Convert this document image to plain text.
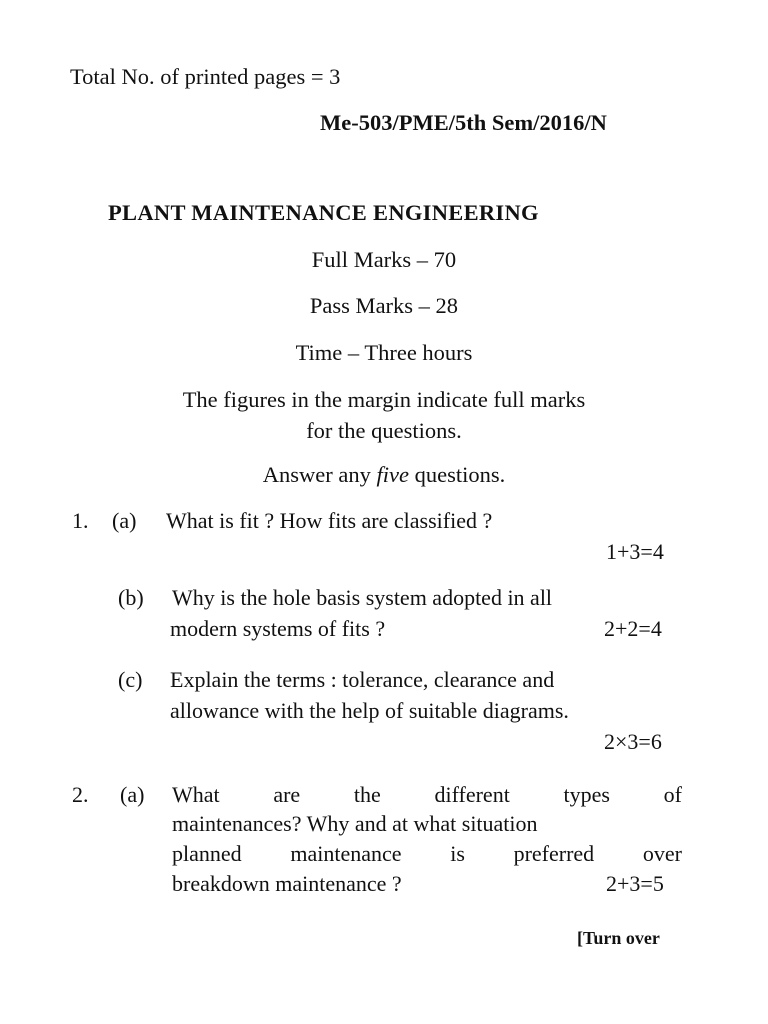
Total No. of printed pages = 3
Me-503/PME/5th Sem/2016/N
PLANT MAINTENANCE ENGINEERING
Full Marks – 70
Pass Marks – 28
Time – Three hours
The figures in the margin indicate full marks
for the questions.
Answer any five questions.
1. (a) What is fit ? How fits are classified ?
1+3=4
(b) Why is the hole basis system adopted in all
modern systems of fits ?	2+2=4
(c) Explain the terms : tolerance, clearance and
allowance with the help of suitable diagrams.
2×3=6
2. (a) What are the different types of
maintenances? Why and at what situation
planned maintenance is preferred over
breakdown maintenance ?	2+3=5
[Turn over
